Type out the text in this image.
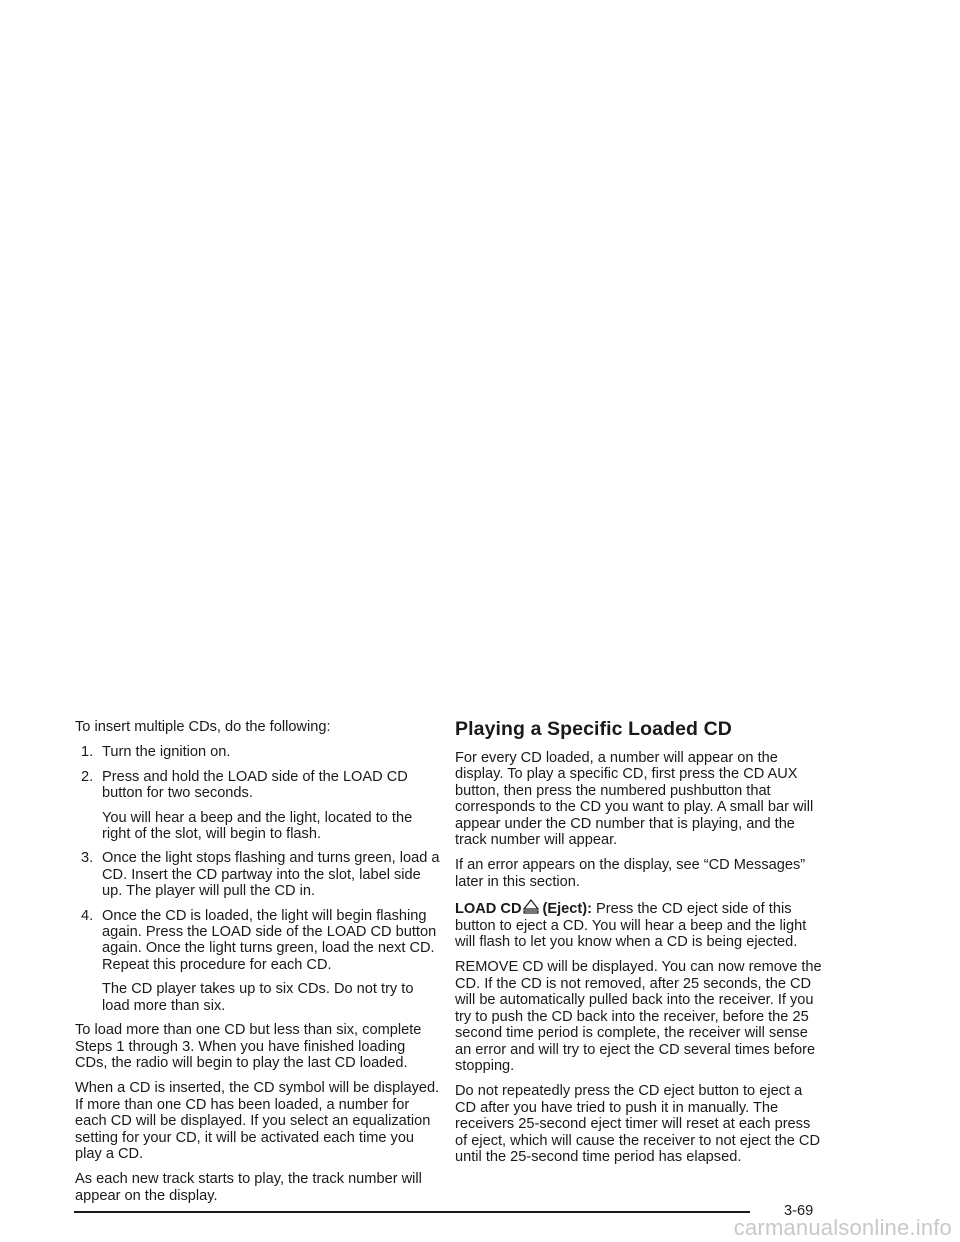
To insert multiple CDs, do the following:

1. Turn the ignition on.
2. Press and hold the LOAD side of the LOAD CD button for two seconds.

You will hear a beep and the light, located to the right of the slot, will begin to flash.

3. Once the light stops flashing and turns green, load a CD. Insert the CD partway into the slot, label side up. The player will pull the CD in.
4. Once the CD is loaded, the light will begin flashing again. Press the LOAD side of the LOAD CD button again. Once the light turns green, load the next CD. Repeat this procedure for each CD.

The CD player takes up to six CDs. Do not try to load more than six.

To load more than one CD but less than six, complete Steps 1 through 3. When you have finished loading CDs, the radio will begin to play the last CD loaded.

When a CD is inserted, the CD symbol will be displayed. If more than one CD has been loaded, a number for each CD will be displayed. If you select an equalization setting for your CD, it will be activated each time you play a CD.

As each new track starts to play, the track number will appear on the display.

Playing a Specific Loaded CD

For every CD loaded, a number will appear on the display. To play a specific CD, first press the CD AUX button, then press the numbered pushbutton that corresponds to the CD you want to play. A small bar will appear under the CD number that is playing, and the track number will appear.

If an error appears on the display, see “CD Messages” later in this section.

LOAD CD (Eject): Press the CD eject side of this button to eject a CD. You will hear a beep and the light will flash to let you know when a CD is being ejected.

REMOVE CD will be displayed. You can now remove the CD. If the CD is not removed, after 25 seconds, the CD will be automatically pulled back into the receiver. If you try to push the CD back into the receiver, before the 25 second time period is complete, the receiver will sense an error and will try to eject the CD several times before stopping.

Do not repeatedly press the CD eject button to eject a CD after you have tried to push it in manually. The receivers 25-second eject timer will reset at each press of eject, which will cause the receiver to not eject the CD until the 25-second time period has elapsed.

3-69
carmanualsonline.info
